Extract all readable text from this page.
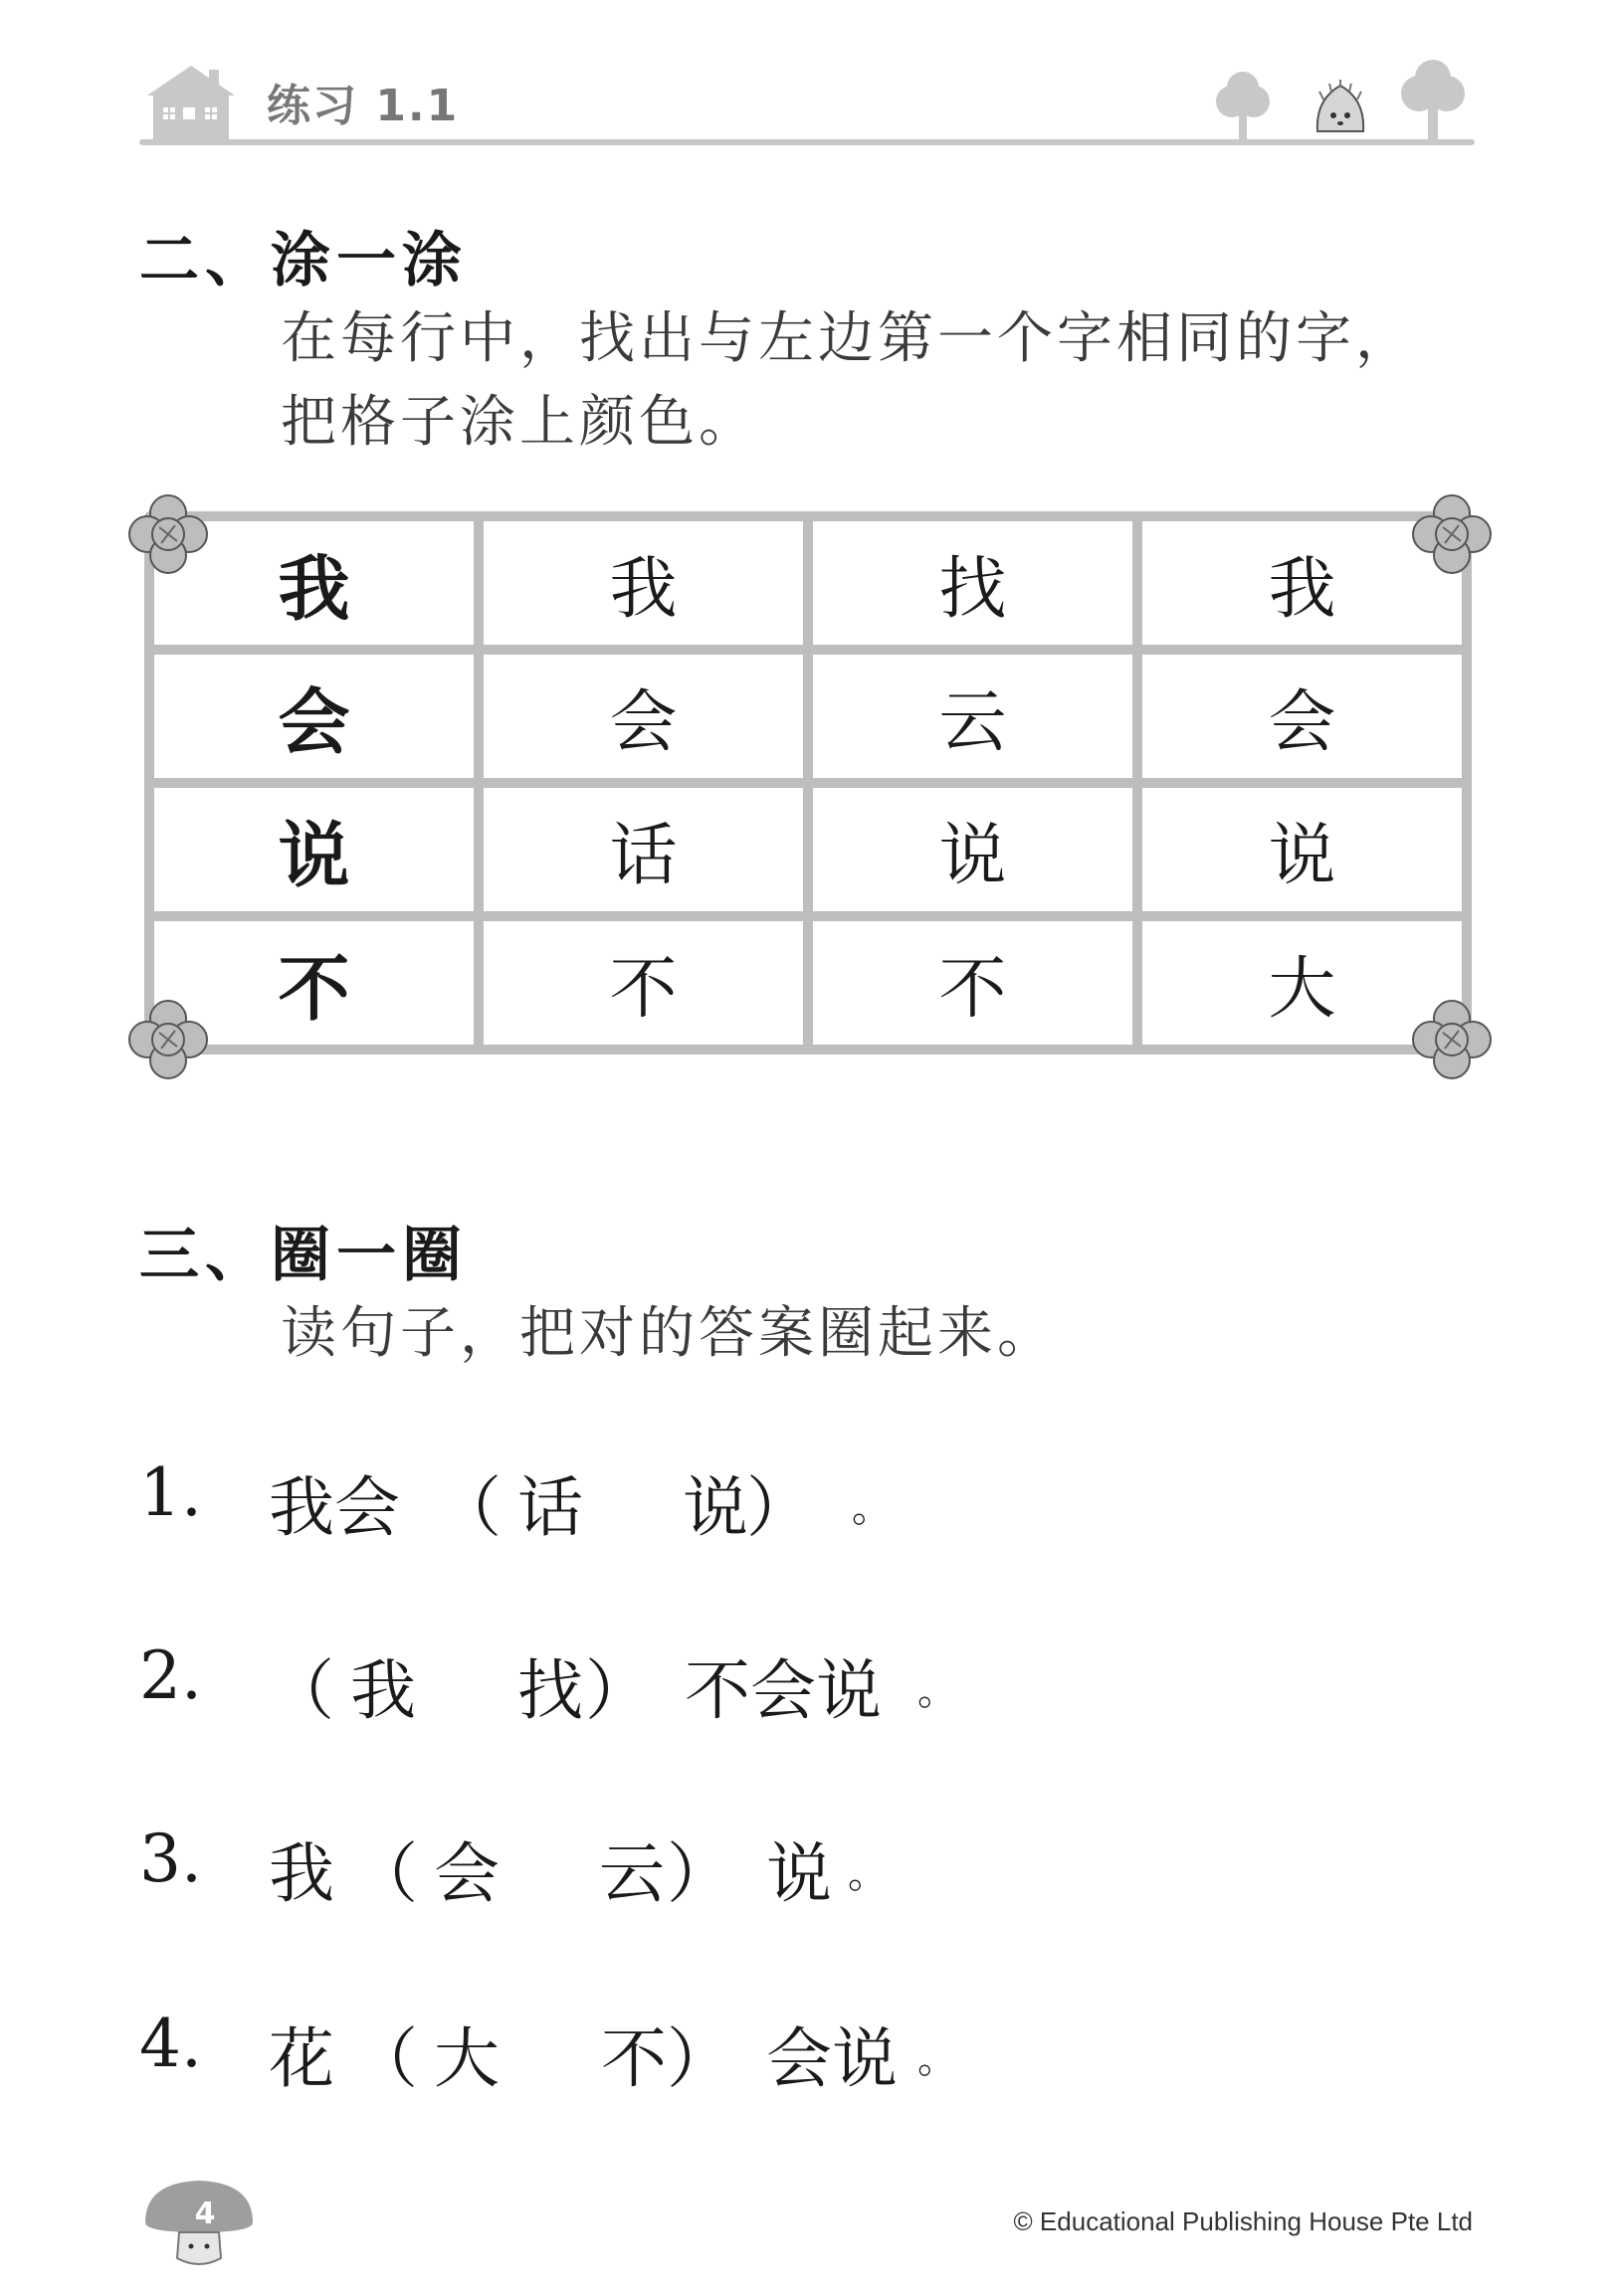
练习 1.1
二、涂一涂
在每行中，找出与左边第一个字相同的字，
把格子涂上颜色。
我	我	找	我
会	会	云	会
说	话	说	说
不	不	不	大
三、圈一圈
读句子，把对的答案圈起来。
1. 我会 （ 话 说
） 。
2. （ 我 找 ） 不会说 。
3. 我 （ 会 云 ） 说 。
4. 花 （ 大 不 ） 会说 。
4	© Educational Publishing House Pte Ltd
